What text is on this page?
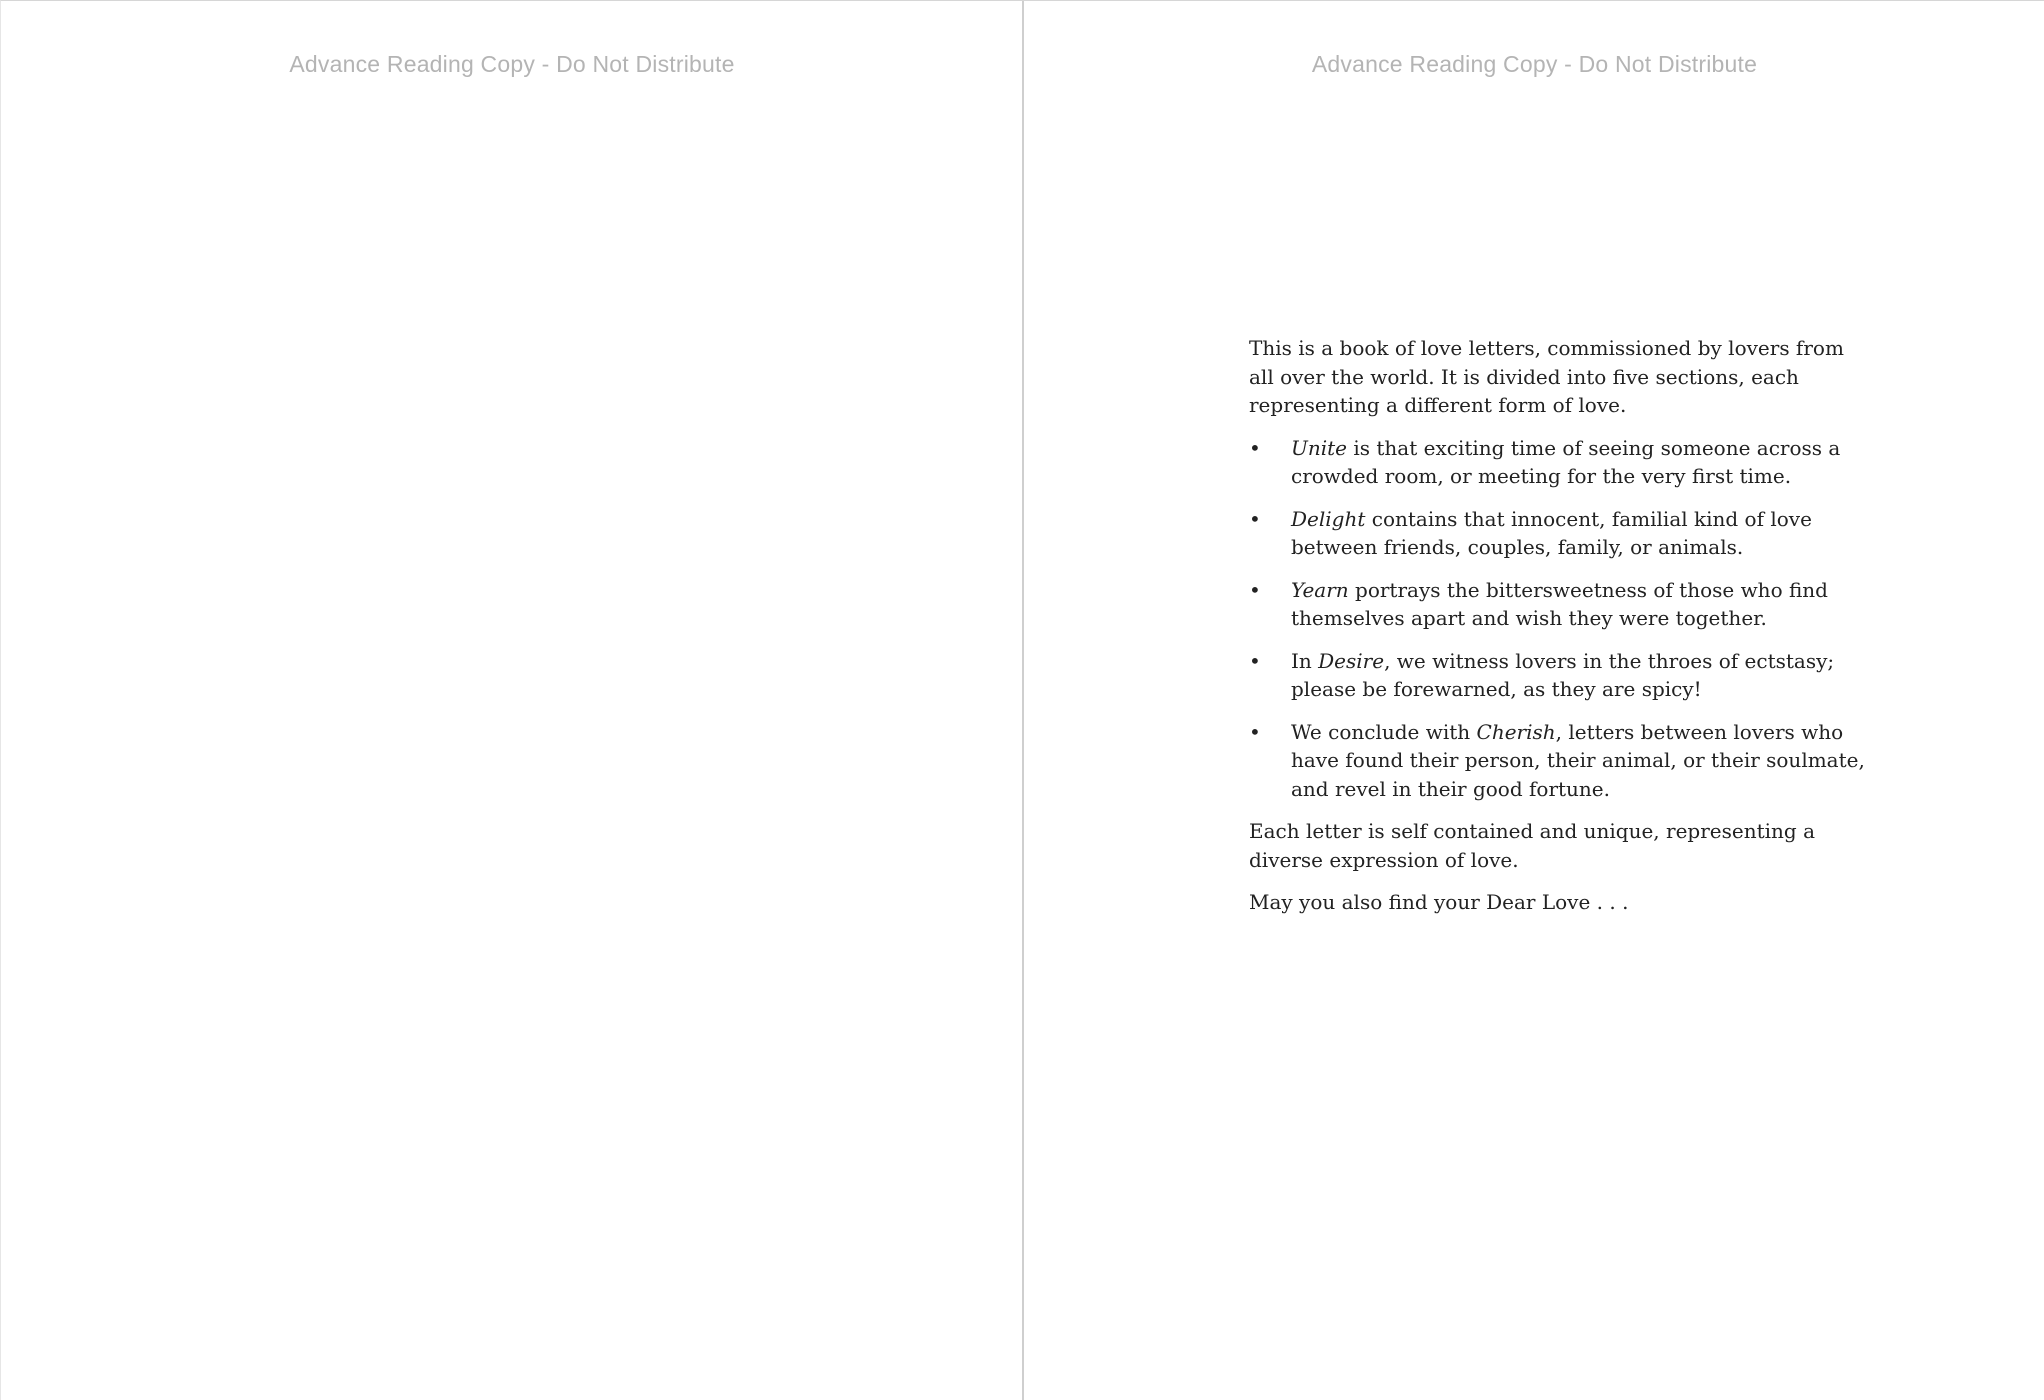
Advance Reading Copy - Do Not Distribute	Advance Reading Copy - Do Not Distribute

This is a book of love letters, commissioned by lovers from all over the world. It is divided into five sections, each representing a different form of love.

•	Unite is that exciting time of seeing someone across a crowded room, or meeting for the very first time.
•	Delight contains that innocent, familial kind of love between friends, couples, family, or animals.
•	Yearn portrays the bittersweetness of those who find themselves apart and wish they were together.
•	In Desire, we witness lovers in the throes of ectstasy; please be forewarned, as they are spicy!
•	We conclude with Cherish, letters between lovers who have found their person, their animal, or their soulmate, and revel in their good fortune.

Each letter is self contained and unique, representing a diverse expression of love.

May you also find your Dear Love . . .
